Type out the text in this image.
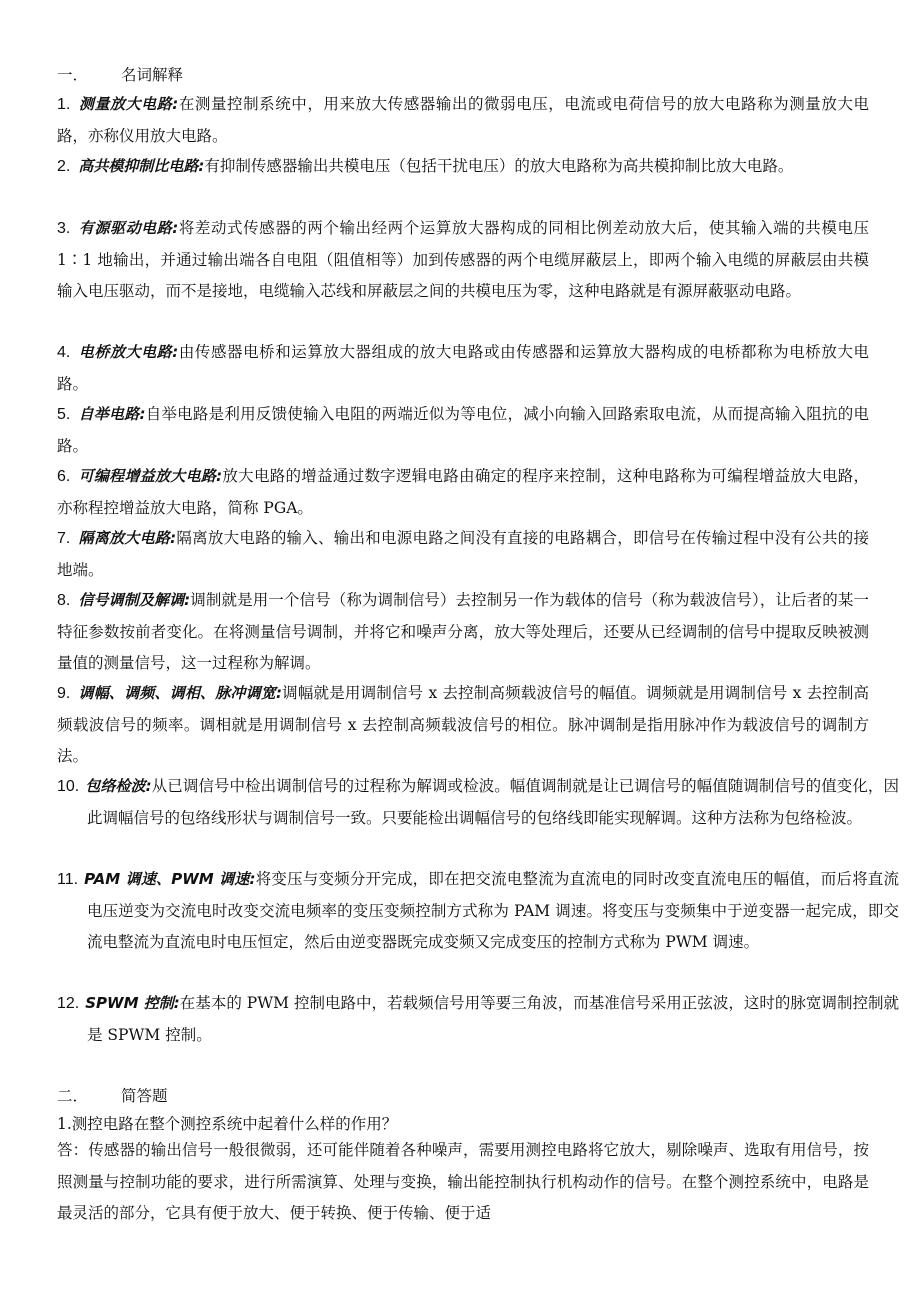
一． 名词解释
1. 测量放大电路:在测量控制系统中，用来放大传感器输出的微弱电压，电流或电荷信号的放大电路称为测量放大电路，亦称仪用放大电路。
2. 高共模抑制比电路:有抑制传感器输出共模电压（包括干扰电压）的放大电路称为高共模抑制比放大电路。
3. 有源驱动电路:将差动式传感器的两个输出经两个运算放大器构成的同相比例差动放大后，使其输入端的共模电压 1∶1 地输出，并通过输出端各自电阻（阻值相等）加到传感器的两个电缆屏蔽层上，即两个输入电缆的屏蔽层由共模输入电压驱动，而不是接地，电缆输入芯线和屏蔽层之间的共模电压为零，这种电路就是有源屏蔽驱动电路。
4. 电桥放大电路:由传感器电桥和运算放大器组成的放大电路或由传感器和运算放大器构成的电桥都称为电桥放大电路。
5. 自举电路:自举电路是利用反馈使输入电阻的两端近似为等电位，减小向输入回路索取电流，从而提高输入阻抗的电路。
6. 可编程增益放大电路:放大电路的增益通过数字逻辑电路由确定的程序来控制，这种电路称为可编程增益放大电路，亦称程控增益放大电路，简称 PGA。
7. 隔离放大电路:隔离放大电路的输入、输出和电源电路之间没有直接的电路耦合，即信号在传输过程中没有公共的接地端。
8. 信号调制及解调:调制就是用一个信号（称为调制信号）去控制另一作为载体的信号（称为载波信号），让后者的某一特征参数按前者变化。在将测量信号调制，并将它和噪声分离，放大等处理后，还要从已经调制的信号中提取反映被测量值的测量信号，这一过程称为解调。
9. 调幅、调频、调相、脉冲调宽:调幅就是用调制信号 x 去控制高频载波信号的幅值。调频就是用调制信号 x 去控制高频载波信号的频率。调相就是用调制信号 x 去控制高频载波信号的相位。脉冲调制是指用脉冲作为载波信号的调制方法。
10. 包络检波:从已调信号中检出调制信号的过程称为解调或检波。幅值调制就是让已调信号的幅值随调制信号的值变化，因此调幅信号的包络线形状与调制信号一致。只要能检出调幅信号的包络线即能实现解调。这种方法称为包络检波。
11. PAM 调速、PWM 调速:将变压与变频分开完成，即在把交流电整流为直流电的同时改变直流电压的幅值，而后将直流电压逆变为交流电时改变交流电频率的变压变频控制方式称为 PAM 调速。将变压与变频集中于逆变器一起完成，即交流电整流为直流电时电压恒定，然后由逆变器既完成变频又完成变压的控制方式称为 PWM 调速。
12. SPWM 控制:在基本的 PWM 控制电路中，若载频信号用等要三角波，而基准信号采用正弦波，这时的脉宽调制控制就是 SPWM 控制。
二． 简答题
1.测控电路在整个测控系统中起着什么样的作用？
答：传感器的输出信号一般很微弱，还可能伴随着各种噪声，需要用测控电路将它放大，剔除噪声、选取有用信号，按照测量与控制功能的要求，进行所需演算、处理与变换，输出能控制执行机构动作的信号。在整个测控系统中，电路是最灵活的部分，它具有便于放大、便于转换、便于传输、便于适
